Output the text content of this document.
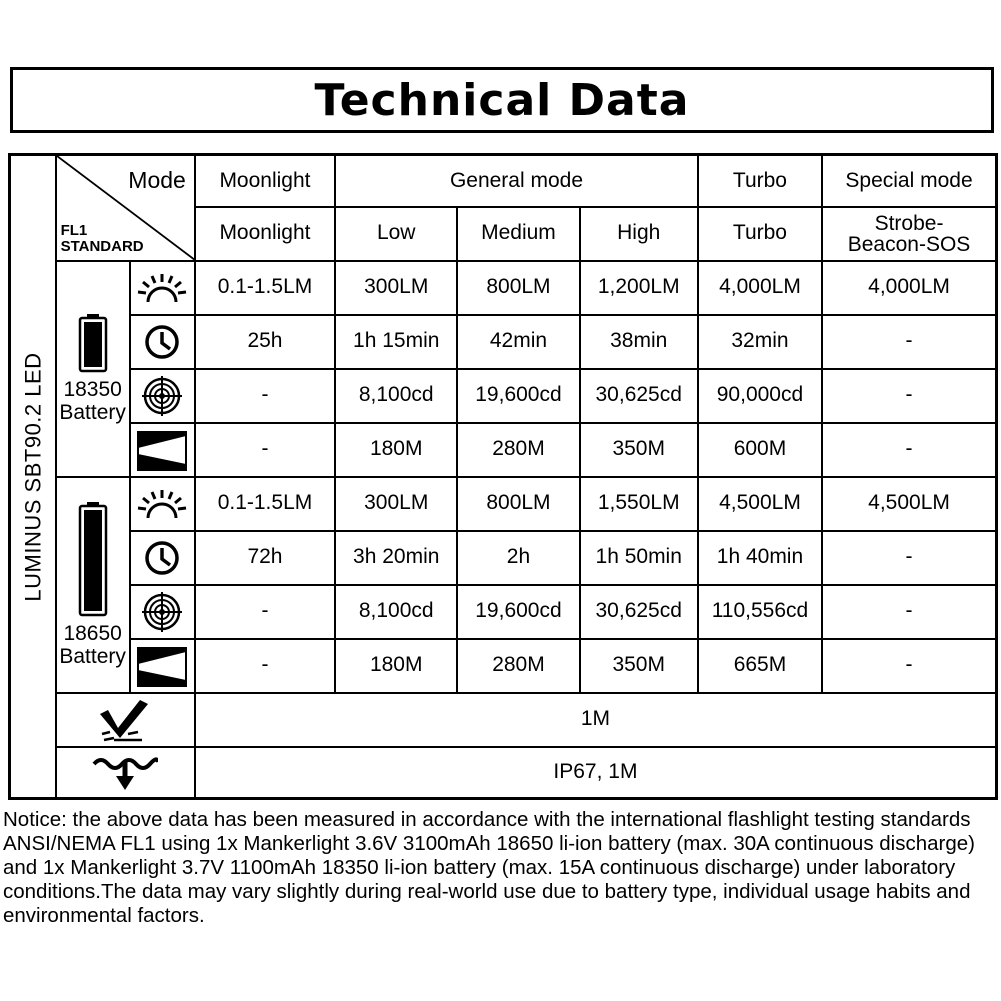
Technical Data
LUMINUS SBT90.2 LED	Mode
FL1
STANDARD		Moonlight	General mode			Turbo	Special mode
			Moonlight	Low	Medium	High	Turbo	Strobe-
Beacon-SOS

	18350
Battery		0.1-1.5LM	300LM	800LM	1,200LM	4,000LM	4,000LM

	25h	1h 15min	42min	38min	32min	-

	-	8,100cd	19,600cd	30,625cd	90,000cd	-

	-	180M	280M	350M	600M	-

	18650
Battery		0.1-1.5LM	300LM	800LM	1,550LM	4,500LM	4,500LM

	72h	3h 20min	2h	1h 50min	1h 40min	-

	-	8,100cd	19,600cd	30,625cd	110,556cd	-

	-	180M	280M	350M	665M	-

	1M					

	IP67, 1M					

Notice: the above data has been measured in accordance with the international flashlight testing standards ANSI/NEMA FL1 using 1x Mankerlight 3.6V 3100mAh 18650 li-ion battery (max. 30A continuous discharge) and 1x Mankerlight 3.7V 1100mAh 18350 li-ion battery (max. 15A continuous discharge) under laboratory conditions.The data may vary slightly during real-world use due to battery type, individual usage habits and environmental factors.
